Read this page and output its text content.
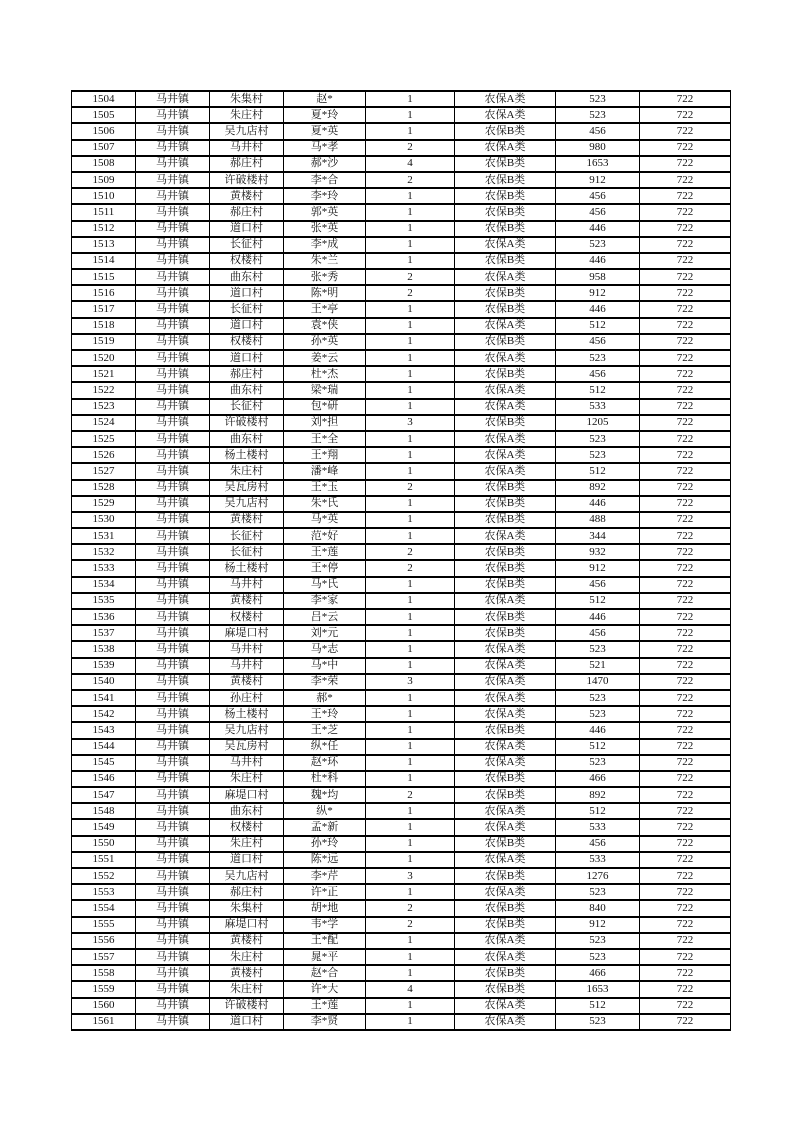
1504	马井镇	朱集村	赵*	1	农保A类	523	722
1505	马井镇	朱庄村	夏*玲	1	农保A类	523	722
1506	马井镇	吴九店村	夏*英	1	农保B类	456	722
1507	马井镇	马井村	马*孝	2	农保A类	980	722
1508	马井镇	郝庄村	郝*沙	4	农保B类	1653	722
1509	马井镇	许破楼村	李*合	2	农保B类	912	722
1510	马井镇	黄楼村	李*玲	1	农保B类	456	722
1511	马井镇	郝庄村	郭*英	1	农保B类	456	722
1512	马井镇	道口村	张*英	1	农保B类	446	722
1513	马井镇	长征村	李*成	1	农保A类	523	722
1514	马井镇	权楼村	朱*兰	1	农保B类	446	722
1515	马井镇	曲东村	张*秀	2	农保A类	958	722
1516	马井镇	道口村	陈*明	2	农保B类	912	722
1517	马井镇	长征村	王*亭	1	农保B类	446	722
1518	马井镇	道口村	袁*侠	1	农保A类	512	722
1519	马井镇	权楼村	孙*英	1	农保B类	456	722
1520	马井镇	道口村	姜*云	1	农保A类	523	722
1521	马井镇	郝庄村	杜*杰	1	农保B类	456	722
1522	马井镇	曲东村	梁*瑞	1	农保A类	512	722
1523	马井镇	长征村	包*研	1	农保A类	533	722
1524	马井镇	许破楼村	刘*担	3	农保B类	1205	722
1525	马井镇	曲东村	王*全	1	农保A类	523	722
1526	马井镇	杨土楼村	王*翔	1	农保A类	523	722
1527	马井镇	朱庄村	潘*峰	1	农保A类	512	722
1528	马井镇	吴瓦房村	王*玉	2	农保B类	892	722
1529	马井镇	吴九店村	朱*氏	1	农保B类	446	722
1530	马井镇	黄楼村	马*英	1	农保B类	488	722
1531	马井镇	长征村	范*好	1	农保A类	344	722
1532	马井镇	长征村	王*莲	2	农保B类	932	722
1533	马井镇	杨土楼村	王*停	2	农保B类	912	722
1534	马井镇	马井村	马*氏	1	农保B类	456	722
1535	马井镇	黄楼村	李*家	1	农保A类	512	722
1536	马井镇	权楼村	吕*云	1	农保B类	446	722
1537	马井镇	麻堤口村	刘*元	1	农保B类	456	722
1538	马井镇	马井村	马*志	1	农保A类	523	722
1539	马井镇	马井村	马*中	1	农保A类	521	722
1540	马井镇	黄楼村	李*荣	3	农保A类	1470	722
1541	马井镇	孙庄村	郝*	1	农保A类	523	722
1542	马井镇	杨土楼村	王*玲	1	农保A类	523	722
1543	马井镇	吴九店村	王*芝	1	农保B类	446	722
1544	马井镇	吴瓦房村	纵*任	1	农保A类	512	722
1545	马井镇	马井村	赵*环	1	农保A类	523	722
1546	马井镇	朱庄村	杜*科	1	农保B类	466	722
1547	马井镇	麻堤口村	魏*均	2	农保B类	892	722
1548	马井镇	曲东村	纵*	1	农保A类	512	722
1549	马井镇	权楼村	孟*新	1	农保A类	533	722
1550	马井镇	朱庄村	孙*玲	1	农保B类	456	722
1551	马井镇	道口村	陈*远	1	农保A类	533	722
1552	马井镇	吴九店村	李*芹	3	农保B类	1276	722
1553	马井镇	郝庄村	许*正	1	农保A类	523	722
1554	马井镇	朱集村	胡*地	2	农保B类	840	722
1555	马井镇	麻堤口村	韦*学	2	农保B类	912	722
1556	马井镇	黄楼村	王*配	1	农保A类	523	722
1557	马井镇	朱庄村	晁*平	1	农保A类	523	722
1558	马井镇	黄楼村	赵*合	1	农保B类	466	722
1559	马井镇	朱庄村	许*大	4	农保B类	1653	722
1560	马井镇	许破楼村	王*莲	1	农保A类	512	722
1561	马井镇	道口村	李*贤	1	农保A类	523	722
